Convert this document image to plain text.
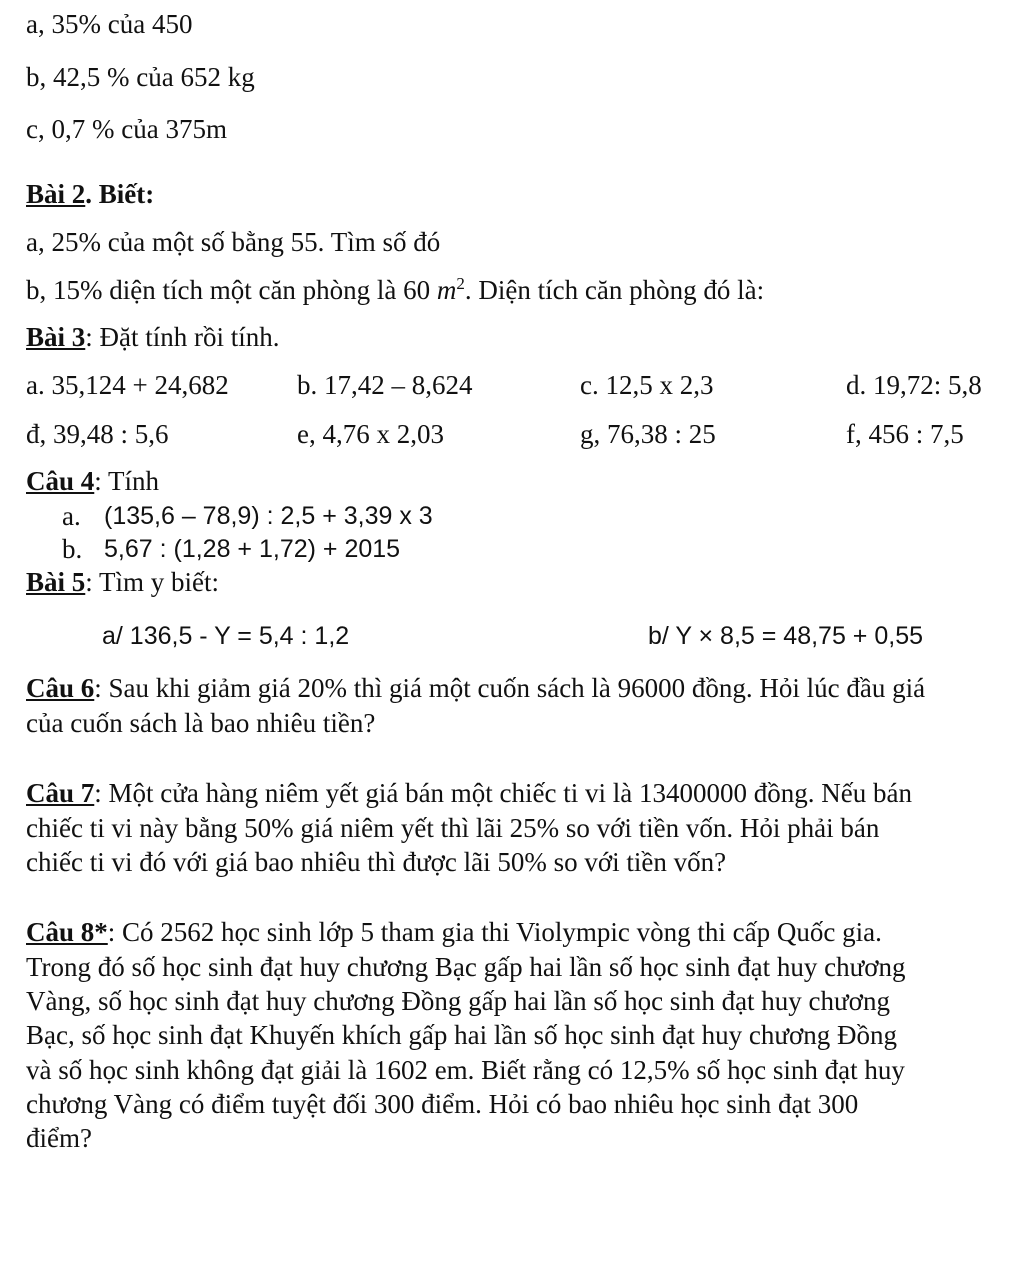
a, 35% của 450
b, 42,5 % của 652 kg
c, 0,7 % của 375m
Bài 2. Biết:
a, 25% của một số bằng 55. Tìm số đó
b, 15% diện tích một căn phòng là 60 $m^2$. Diện tích căn phòng đó là:
Bài 3: Đặt tính rồi tính.
a. 35,124 + 24,682	b. 17,42 – 8,624	c. 12,5 x 2,3	d. 19,72: 5,8
đ, 39,48 : 5,6	e, 4,76 x 2,03	g, 76,38 : 25	f, 456 : 7,5
Câu 4: Tính
a. (135,6 – 78,9) : 2,5 + 3,39 x 3
b. 5,67 : (1,28 + 1,72) + 2015
Bài 5: Tìm y biết:
a/ 136,5 - Y = 5,4 : 1,2	b/ Y × 8,5 = 48,75 + 0,55
Câu 6: Sau khi giảm giá 20% thì giá một cuốn sách là 96000 đồng. Hỏi lúc đầu giá
của cuốn sách là bao nhiêu tiền?
Câu 7: Một cửa hàng niêm yết giá bán một chiếc ti vi là 13400000 đồng. Nếu bán
chiếc ti vi này bằng 50% giá niêm yết thì lãi 25% so với tiền vốn. Hỏi phải bán
chiếc ti vi đó với giá bao nhiêu thì được lãi 50% so với tiền vốn?
Câu 8*: Có 2562 học sinh lớp 5 tham gia thi Violympic vòng thi cấp Quốc gia.
Trong đó số học sinh đạt huy chương Bạc gấp hai lần số học sinh đạt huy chương
Vàng, số học sinh đạt huy chương Đồng gấp hai lần số học sinh đạt huy chương
Bạc, số học sinh đạt Khuyến khích gấp hai lần số học sinh đạt huy chương Đồng
và số học sinh không đạt giải là 1602 em. Biết rằng có 12,5% số học sinh đạt huy
chương Vàng có điểm tuyệt đối 300 điểm. Hỏi có bao nhiêu học sinh đạt 300
điểm?
